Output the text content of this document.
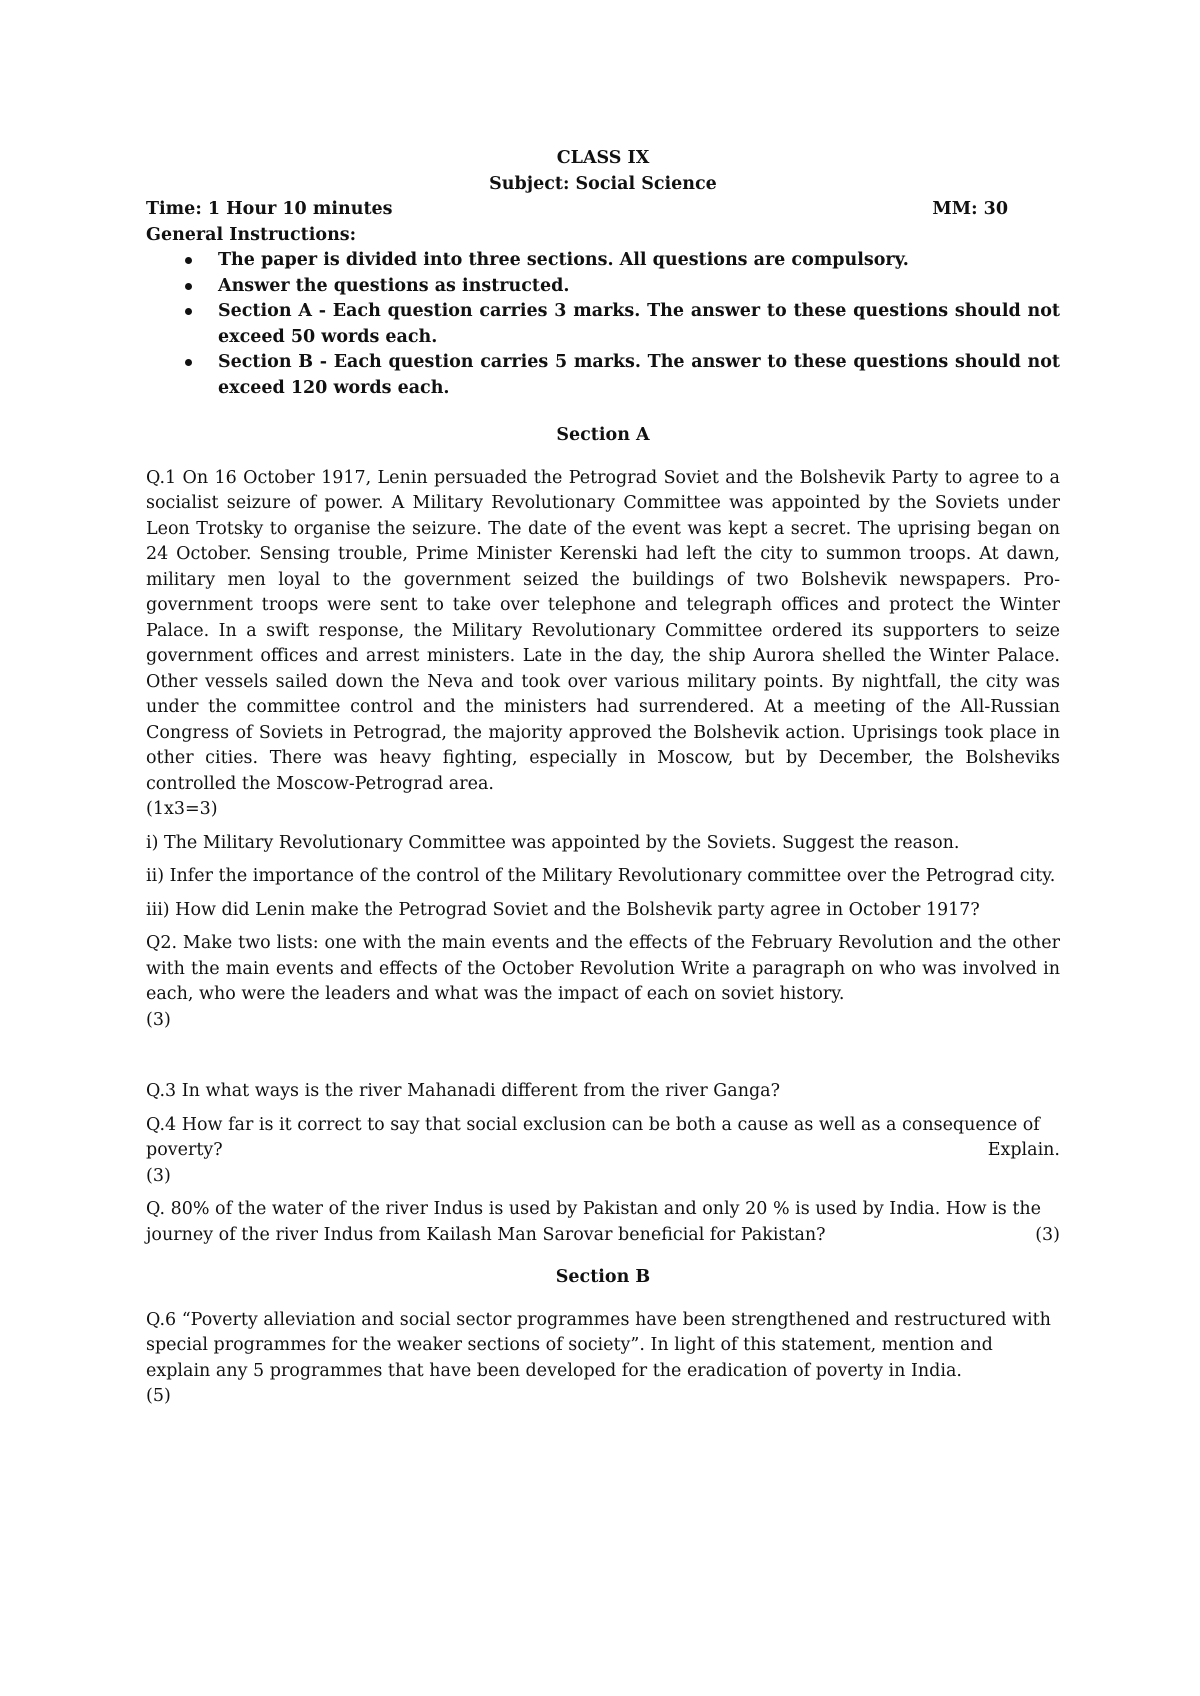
CLASS IX
Subject: Social Science
Time: 1 Hour 10 minutes	MM: 30
General Instructions:
The paper is divided into three sections. All questions are compulsory.
Answer the questions as instructed.
Section A - Each question carries 3 marks. The answer to these questions should not exceed 50 words each.
Section B - Each question carries 5 marks. The answer to these questions should not exceed 120 words each.
Section A

Q.1 On 16 October 1917, Lenin persuaded the Petrograd Soviet and the Bolshevik Party to agree to a socialist seizure of power. A Military Revolutionary Committee was appointed by the Soviets under Leon Trotsky to organise the seizure. The date of the event was kept a secret. The uprising began on 24 October. Sensing trouble, Prime Minister Kerenski had left the city to summon troops. At dawn, military men loyal to the government seized the buildings of two Bolshevik newspapers. Pro-government troops were sent to take over telephone and telegraph offices and protect the Winter Palace. In a swift response, the Military Revolutionary Committee ordered its supporters to seize government offices and arrest ministers. Late in the day, the ship Aurora shelled the Winter Palace. Other vessels sailed down the Neva and took over various military points. By nightfall, the city was under the committee control and the ministers had surrendered. At a meeting of the All-Russian Congress of Soviets in Petrograd, the majority approved the Bolshevik action. Uprisings took place in other cities. There was heavy fighting, especially in Moscow, but by December, the Bolsheviks controlled the Moscow-Petrograd area.

(1x3=3)

i) The Military Revolutionary Committee was appointed by the Soviets. Suggest the reason.

ii) Infer the importance of the control of the Military Revolutionary committee over the Petrograd city.

iii) How did Lenin make the Petrograd Soviet and the Bolshevik party agree in October 1917?

Q2. Make two lists: one with the main events and the effects of the February Revolution and the other with the main events and effects of the October Revolution Write a paragraph on who was involved in each, who were the leaders and what was the impact of each on soviet history.

(3)

Q.3 In what ways is the river Mahanadi different from the river Ganga?

Q.4 How far is it correct to say that social exclusion can be both a cause as well as a consequence of poverty?	Explain.

(3)

Q. 80% of the water of the river Indus is used by Pakistan and only 20 % is used by India. How is the

journey of the river Indus from Kailash Man Sarovar beneficial for Pakistan?	(3)
Section B

Q.6 “Poverty alleviation and social sector programmes have been strengthened and restructured with special programmes for the weaker sections of society”. In light of this statement, mention and explain any 5 programmes that have been developed for the eradication of poverty in India.

(5)
